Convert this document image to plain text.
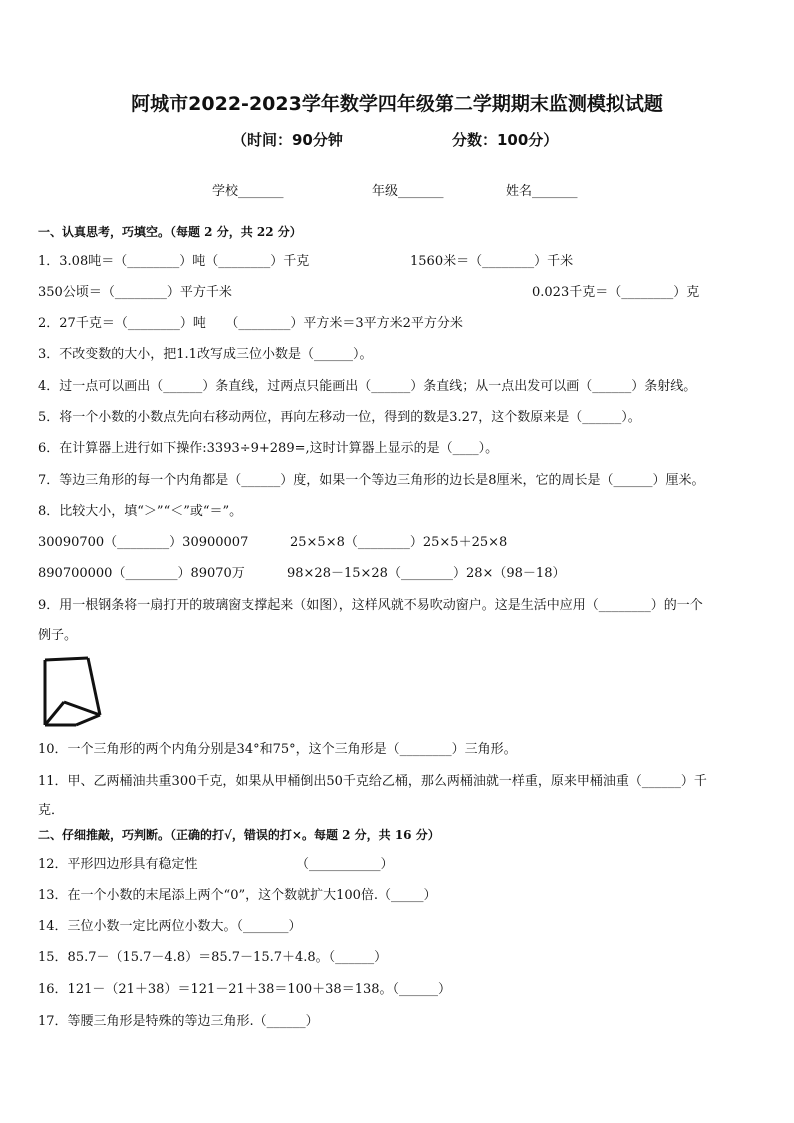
阿城市2022-2023学年数学四年级第二学期期末监测模拟试题
（时间：90分钟	分数：100分）
学校_______	年级_______	姓名_______
一、认真思考，巧填空。（每题 2 分，共 22 分）
1．3.08吨＝（________）吨（________）千克	1560米＝（________）千米
350公顷＝（________）平方千米	0.023千克＝（________）克
2．27千克＝（________）吨　　（________）平方米＝3平方米2平方分米
3．不改变数的大小，把1.1改写成三位小数是（______）。
4．过一点可以画出（______）条直线，过两点只能画出（______）条直线；从一点出发可以画（______）条射线。
5．将一个小数的小数点先向右移动两位，再向左移动一位，得到的数是3.27，这个数原来是（______）。
6．在计算器上进行如下操作:3393÷9+289=,这时计算器上显示的是（____）。
7．等边三角形的每一个内角都是（______）度，如果一个等边三角形的边长是8厘米，它的周长是（______）厘米。
8．比较大小，填“＞”“＜”或“＝”。
30090700（________）30900007	25×5×8（________）25×5＋25×8
890700000（________）89070万	98×28－15×28（________）28×（98－18）
9．用一根钢条将一扇打开的玻璃窗支撑起来（如图），这样风就不易吹动窗户。这是生活中应用（________）的一个
例子。
10．一个三角形的两个内角分别是34°和75°，这个三角形是（________）三角形。
11．甲、乙两桶油共重300千克，如果从甲桶倒出50千克给乙桶，那么两桶油就一样重，原来甲桶油重（______）千
克．
二、仔细推敲，巧判断。（正确的打√，错误的打×。每题 2 分，共 16 分）
12．平形四边形具有稳定性	（___________）
13．在一个小数的末尾添上两个“0”，这个数就扩大100倍.（_____）
14．三位小数一定比两位小数大。（_______）
15．85.7－（15.7－4.8）＝85.7－15.7＋4.8。（______）
16．121－（21＋38）＝121－21＋38＝100＋38＝138。（______）
17．等腰三角形是特殊的等边三角形.（______）
